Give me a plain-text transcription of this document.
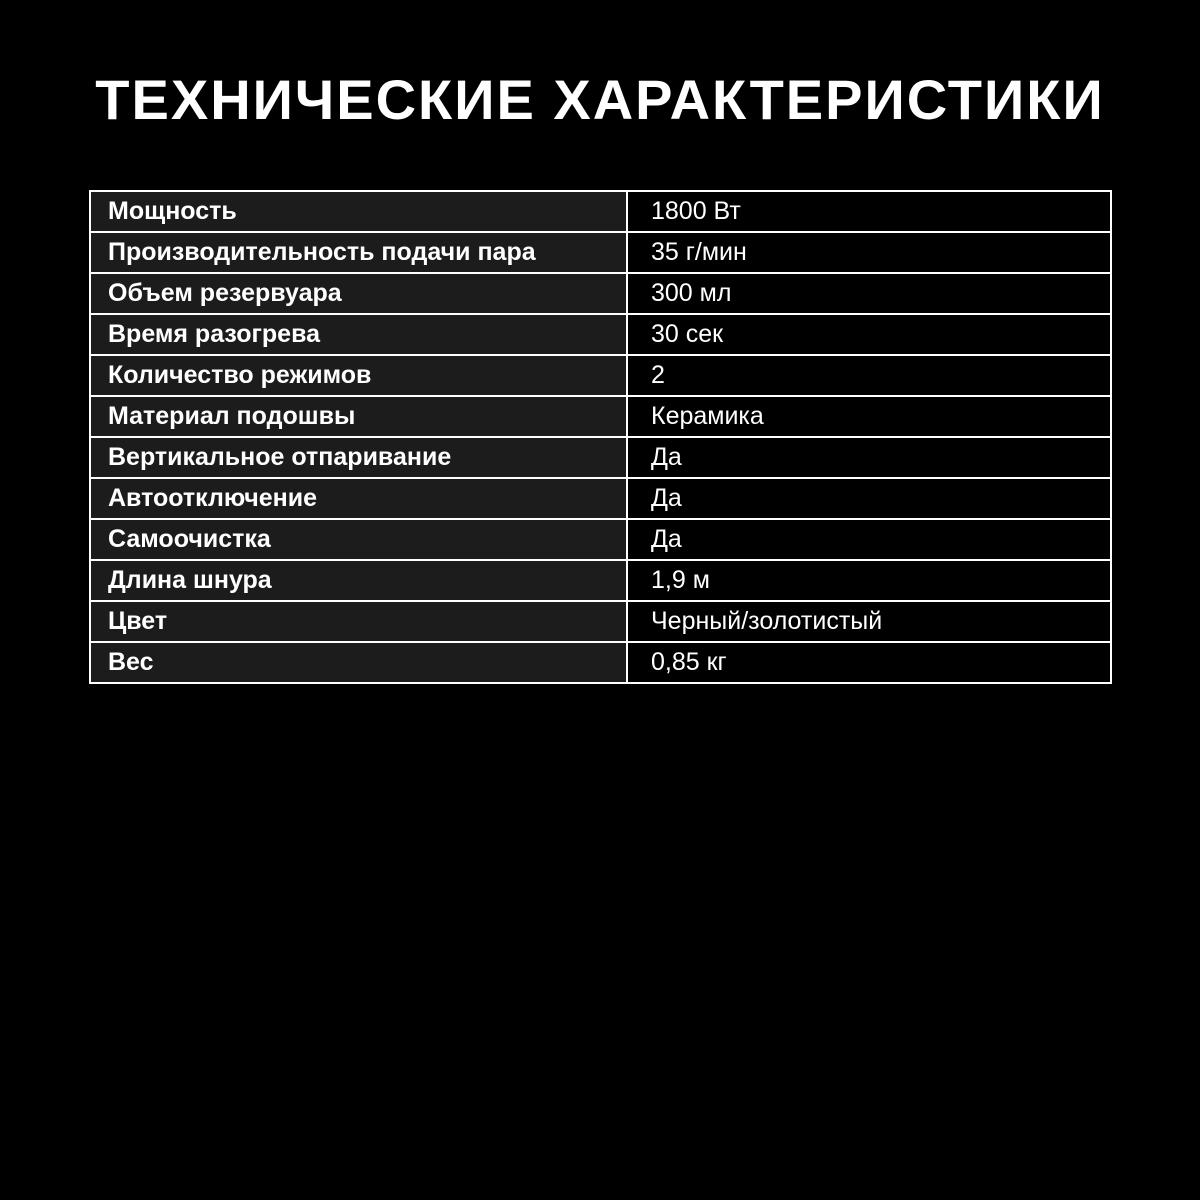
ТЕХНИЧЕСКИЕ ХАРАКТЕРИСТИКИ
Мощность	1800 Вт
Производительность подачи пара	35 г/мин
Объем резервуара	300 мл
Время разогрева	30 сек
Количество режимов	2
Материал подошвы	Керамика
Вертикальное отпаривание	Да
Автоотключение	Да
Самоочистка	Да
Длина шнура	1,9 м
Цвет	Черный/золотистый
Вес	0,85 кг
